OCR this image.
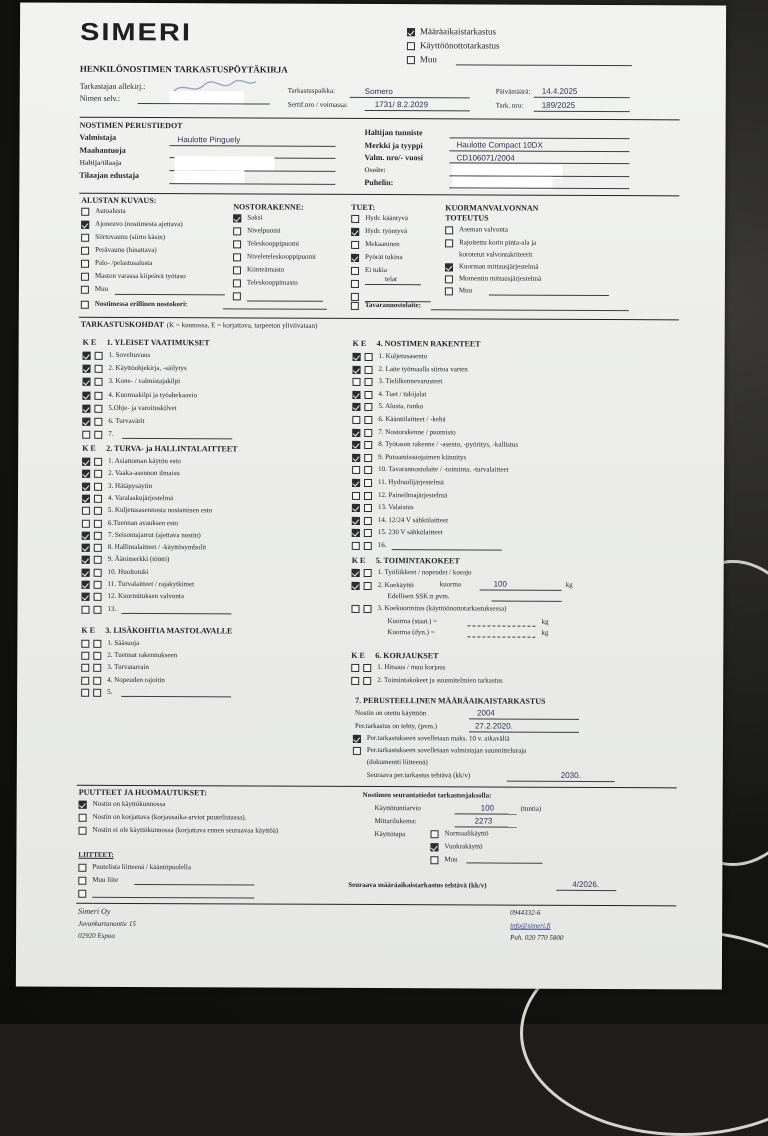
SIMERI
HENKILÖNOSTIMEN TARKASTUSPÖYTÄKIRJA
Määräaikaistarkastus
Käyttöönottotarkastus
Muu
Tarkastajan allekirj.:
Nimen selv.:
Tarkastuspaikka:	Somero
Sertif.nro / voimassa:	1731/ 8.2.2029
Päivämäärä: 14.4.2025
Tark. nro: 189/2025
NOSTIMEN PERUSTIEDOT
Valmistaja	Haulotte Pinguely
Maahantuoja
Haltija/tilaaja
Tilaajan edustaja
Haltijan tunniste
Merkki ja tyyppi	Haulotte Compact 10DX
Valm. nro/- vuosi	CD106071/2004
Osoite:
Puhelin:
ALUSTAN KUVAUS:
Autoalusta
Ajoneuvo (nostimesta ajettava)
Siirtovaunu (siirto käsin)
Perävaunu (hinattava)
Palo- /pelastusalusta
Maston varassa kiipeävä työtaso
Muu
NOSTORAKENNE:
Saksi
Nivelpuomi
Teleskooppipuomi
Niveleteleskooppipuomi
Kiinteämasto
Teleskooppimasto
TUET:
Hydr. kääntyvä
Hydr. työntyvä
Mekaaninen
Pyörät tukina
Ei tukia
telat
KUORMANVALVONNAN TOTEUTUS
Aseman valvonta
Rajoitettu korin pinta-ala ja
korotetut valvontakriteerit
Kuorman mittausjärjestelmä
Momentin mittausjärjestelmä
Muu
Nostimessa erillinen nostokori:	Tavarannostolaite:
TARKASTUSKOHDAT (K = kunnossa, E = korjattava, tarpeeton yliviivataan)
K E 1. YLEISET VAATIMUKSET
K E 2. TURVA- ja HALLINTALAITTEET
K E 3. LISÄKOHTIA MASTOLAVALLE
K E 4. NOSTIMEN RAKENTEET
K E 5. TOIMINTAKOKEET
kuorma	100	kg
Edellisen SSK:n pvm.
3. Koekuormitus (käyttöönottotarkastuksessa)
Kuorma (staat.) =	kg
Kuorma (dyn.) =	kg
K E 6. KORJAUKSET
7. PERUSTEELLINEN MÄÄRÄAIKAISTARKASTUS
Nostin on otettu käyttöön	2004
Per.tarkastus on tehty, (pvm.)	27.2.2020.
Per.tarkastukseen sovelletaan maks. 10 v. aikaväliä
Per.tarkastukseen sovelletaan valmistajan suunnitteluraja
(dokumentti liitteenä)
Seuraava per.tarkastus tehtävä (kk/v)	2030.
PUUTTEET JA HUOMAUTUKSET:
Nostin on käyttökunnossa
Nostin on korjattava (korjausaika-arviot puutelistassa).
Nostin ei ole käyttökunnossa (korjattava ennen seuraavaa käyttöä)
LIITTEET:
Puutelista liitteenä / kääntöpuolella
Muu liite
Nostimen seurantatiedot tarkastusjaksolla:
Käyttötuntiarvio	100	(tuntia)
Mittarilukema:	2273
Käyttötapa	Normaalikäyttö
Vuokrakäyttö
Muu
Seuraava määräaikaistarkastus tehtävä (kk/v)	4/2026.
Simeri Oy
Juvankartanontie 15
02920 Espoo
0944332-6
info@simeri.fi
Puh. 020 770 5800
1. Soveltuvuus
2. Käyttöohjekirja, -säilytys
3. Kone- / valmistajakilpi
4. Kuormakilpi ja työahekaavio
5.Ohje- ja varoituskilvet
6. Turvavärit
7.
1. Asiattoman käytön esto
2. Vaaka-asennon ilmaisu
3. Hätäpysäytin
4. Varalaskujärjestelmä
5. Kuljetusasennosta nostamisen esto
6.Tuennan avauksen esto
7. Seisontajarrut (ajettava nostin)
8. Hallintalaitteet / -käyttösymbolit
9. Äänimerkki (töötti)
10. Huoltotuki
11. Turvalaitteet / rajakytkimet
12. Kuormituksen valvonta
13.
1. Sääsuoja
2. Tuennat rakennukseen
3. Turvatarrain
4. Nopeuden rajoitin
5.
1. Kuljetusasento
2. Laite työmaalla siirtoa varten
3. Tielilkennevarusteet
4. Tuet / tukijalat
5. Alusta, runko
6. Kääntölaitteet / -kehä
7. Nostorakenne / puomisto
8. Työtason rakenne / -asento, -pyöritys, -kallistus
9. Putoamissuojaimen kiinnitys
10. Tavarannostolaite / -toiminta, -turvalaitteet
11. Hydraulijärjestelmä
12. Paineilmajärjestelmä
13. Valaistus
14. 12/24 V sähkölaitteet
15. 230 V sähkölaitteet
16.
1. Työliikkeet / nopeudet / koeajo
2. Koekäyttö
1. Hitsaus / muu korjaus
2. Toimintakokeet ja suunnitelmien tarkastus
